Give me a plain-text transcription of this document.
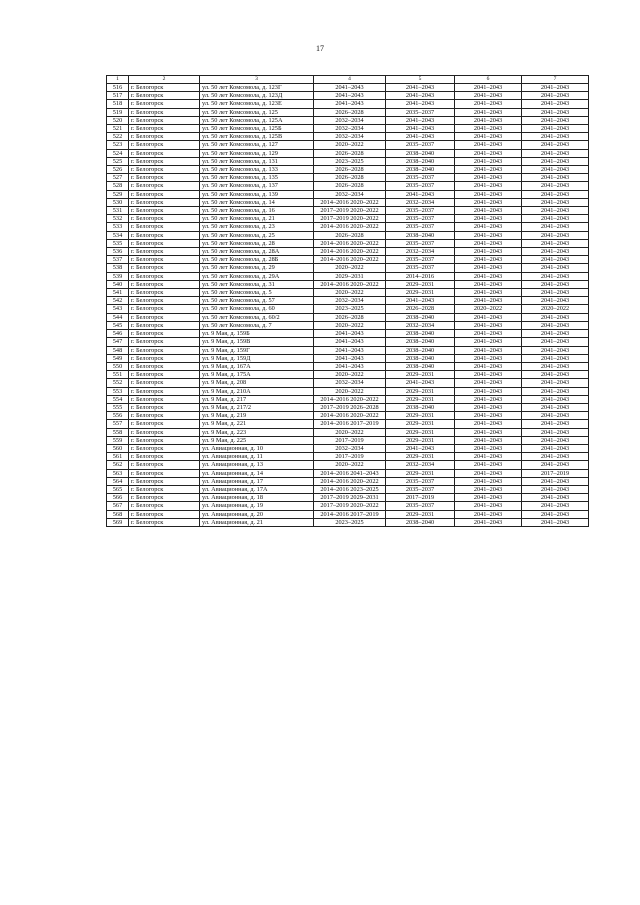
17
1	2	3	4	5	6	7
516	г. Белогорск	ул. 50 лет Комсомола, д. 123Г	2041–2043	2041–2043	2041–2043	2041–2043
517	г. Белогорск	ул. 50 лет Комсомола, д. 123Д	2041–2043	2041–2043	2041–2043	2041–2043
518	г. Белогорск	ул. 50 лет Комсомола, д. 123Е	2041–2043	2041–2043	2041–2043	2041–2043
519	г. Белогорск	ул. 50 лет Комсомола, д. 125	2026–2028	2035–2037	2041–2043	2041–2043
520	г. Белогорск	ул. 50 лет Комсомола, д. 125А	2032–2034	2041–2043	2041–2043	2041–2043
521	г. Белогорск	ул. 50 лет Комсомола, д. 125Б	2032–2034	2041–2043	2041–2043	2041–2043
522	г. Белогорск	ул. 50 лет Комсомола, д. 125В	2032–2034	2041–2043	2041–2043	2041–2043
523	г. Белогорск	ул. 50 лет Комсомола, д. 127	2020–2022	2035–2037	2041–2043	2041–2043
524	г. Белогорск	ул. 50 лет Комсомола, д. 129	2026–2028	2038–2040	2041–2043	2041–2043
525	г. Белогорск	ул. 50 лет Комсомола, д. 131	2023–2025	2038–2040	2041–2043	2041–2043
526	г. Белогорск	ул. 50 лет Комсомола, д. 133	2026–2028	2038–2040	2041–2043	2041–2043
527	г. Белогорск	ул. 50 лет Комсомола, д. 135	2026–2028	2035–2037	2041–2043	2041–2043
528	г. Белогорск	ул. 50 лет Комсомола, д. 137	2026–2028	2035–2037	2041–2043	2041–2043
529	г. Белогорск	ул. 50 лет Комсомола, д. 139	2032–2034	2041–2043	2041–2043	2041–2043
530	г. Белогорск	ул. 50 лет Комсомола, д. 14	2014–2016 2020–2022	2032–2034	2041–2043	2041–2043
531	г. Белогорск	ул. 50 лет Комсомола, д. 16	2017–2019 2020–2022	2035–2037	2041–2043	2041–2043
532	г. Белогорск	ул. 50 лет Комсомола, д. 21	2017–2019 2020–2022	2035–2037	2041–2043	2041–2043
533	г. Белогорск	ул. 50 лет Комсомола, д. 23	2014–2016 2020–2022	2035–2037	2041–2043	2041–2043
534	г. Белогорск	ул. 50 лет Комсомола, д. 25	2026–2028	2038–2040	2041–2043	2041–2043
535	г. Белогорск	ул. 50 лет Комсомола, д. 28	2014–2016 2020–2022	2035–2037	2041–2043	2041–2043
536	г. Белогорск	ул. 50 лет Комсомола, д. 28А	2014–2016 2020–2022	2032–2034	2041–2043	2041–2043
537	г. Белогорск	ул. 50 лет Комсомола, д. 28Б	2014–2016 2020–2022	2035–2037	2041–2043	2041–2043
538	г. Белогорск	ул. 50 лет Комсомола, д. 29	2020–2022	2035–2037	2041–2043	2041–2043
539	г. Белогорск	ул. 50 лет Комсомола, д. 29А	2029–2031	2014–2016	2041–2043	2041–2043
540	г. Белогорск	ул. 50 лет Комсомола, д. 31	2014–2016 2020–2022	2029–2031	2041–2043	2041–2043
541	г. Белогорск	ул. 50 лет Комсомола, д. 5	2020–2022	2029–2031	2041–2043	2041–2043
542	г. Белогорск	ул. 50 лет Комсомола, д. 57	2032–2034	2041–2043	2041–2043	2041–2043
543	г. Белогорск	ул. 50 лет Комсомола, д. 60	2023–2025	2026–2028	2020–2022	2020–2022
544	г. Белогорск	ул. 50 лет Комсомола, д. 60/2	2026–2028	2038–2040	2041–2043	2041–2043
545	г. Белогорск	ул. 50 лет Комсомола, д. 7	2020–2022	2032–2034	2041–2043	2041–2043
546	г. Белогорск	ул. 9 Мая, д. 159Б	2041–2043	2038–2040	2041–2043	2041–2043
547	г. Белогорск	ул. 9 Мая, д. 159В	2041–2043	2038–2040	2041–2043	2041–2043
548	г. Белогорск	ул. 9 Мая, д. 159Г	2041–2043	2038–2040	2041–2043	2041–2043
549	г. Белогорск	ул. 9 Мая, д. 159Д	2041–2043	2038–2040	2041–2043	2041–2043
550	г. Белогорск	ул. 9 Мая, д. 167А	2041–2043	2038–2040	2041–2043	2041–2043
551	г. Белогорск	ул. 9 Мая, д. 175А	2020–2022	2029–2031	2041–2043	2041–2043
552	г. Белогорск	ул. 9 Мая, д. 208	2032–2034	2041–2043	2041–2043	2041–2043
553	г. Белогорск	ул. 9 Мая, д. 210А	2020–2022	2029–2031	2041–2043	2041–2043
554	г. Белогорск	ул. 9 Мая, д. 217	2014–2016 2020–2022	2029–2031	2041–2043	2041–2043
555	г. Белогорск	ул. 9 Мая, д. 217/2	2017–2019 2026–2028	2038–2040	2041–2043	2041–2043
556	г. Белогорск	ул. 9 Мая, д. 219	2014–2016 2020–2022	2029–2031	2041–2043	2041–2043
557	г. Белогорск	ул. 9 Мая, д. 221	2014–2016 2017–2019	2029–2031	2041–2043	2041–2043
558	г. Белогорск	ул. 9 Мая, д. 223	2020–2022	2029–2031	2041–2043	2041–2043
559	г. Белогорск	ул. 9 Мая, д. 225	2017–2019	2029–2031	2041–2043	2041–2043
560	г. Белогорск	ул. Авиационная, д. 10	2032–2034	2041–2043	2041–2043	2041–2043
561	г. Белогорск	ул. Авиационная, д. 11	2017–2019	2029–2031	2041–2043	2041–2043
562	г. Белогорск	ул. Авиационная, д. 13	2020–2022	2032–2034	2041–2043	2041–2043
563	г. Белогорск	ул. Авиационная, д. 14	2014–2016 2041–2043	2029–2031	2041–2043	2017–2019
564	г. Белогорск	ул. Авиационная, д. 17	2014–2016 2020–2022	2035–2037	2041–2043	2041–2043
565	г. Белогорск	ул. Авиационная, д. 17А	2014–2016 2023–2025	2035–2037	2041–2043	2041–2043
566	г. Белогорск	ул. Авиационная, д. 18	2017–2019 2029–2031	2017–2019	2041–2043	2041–2043
567	г. Белогорск	ул. Авиационная, д. 19	2017–2019 2020–2022	2035–2037	2041–2043	2041–2043
568	г. Белогорск	ул. Авиационная, д. 20	2014–2016 2017–2019	2029–2031	2041–2043	2041–2043
569	г. Белогорск	ул. Авиационная, д. 21	2023–2025	2038–2040	2041–2043	2041–2043
